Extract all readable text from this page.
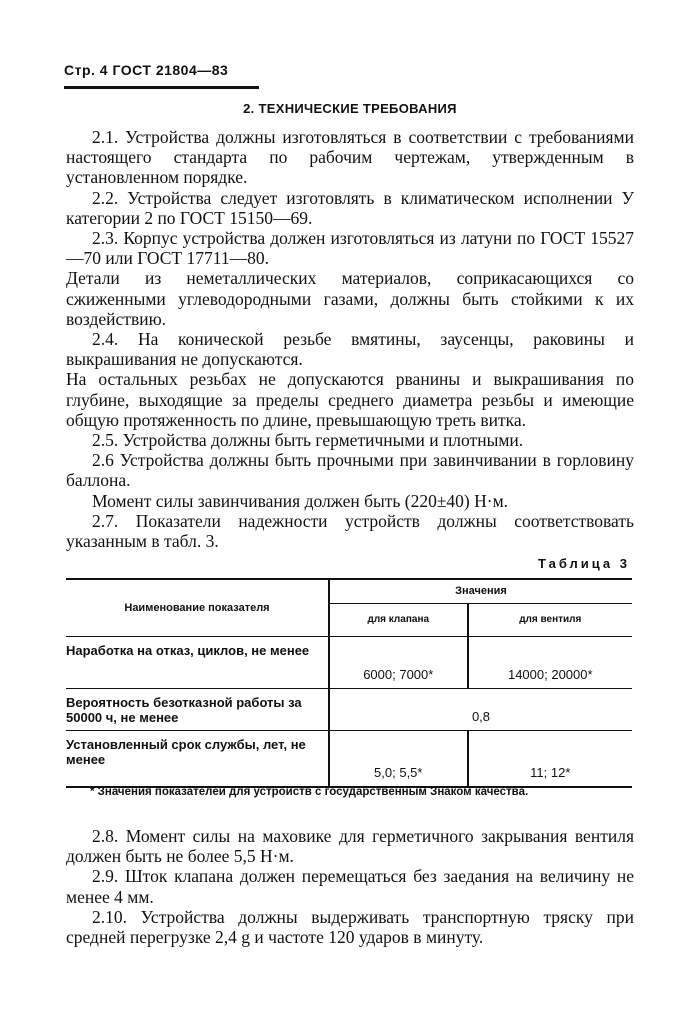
Стр. 4 ГОСТ 21804—83
2. ТЕХНИЧЕСКИЕ ТРЕБОВАНИЯ

2.1. Устройства должны изготовляться в соответствии с требованиями настоящего стандарта по рабочим чертежам, утвержденным в установленном порядке.

2.2. Устройства следует изготовлять в климатическом исполнении У категории 2 по ГОСТ 15150—69.

2.3. Корпус устройства должен изготовляться из латуни по ГОСТ 15527—70 или ГОСТ 17711—80.

Детали из неметаллических материалов, соприкасающихся со сжиженными углеводородными газами, должны быть стойкими к их воздействию.

2.4. На конической резьбе вмятины, заусенцы, раковины и выкрашивания не допускаются.

На остальных резьбах не допускаются рванины и выкрашивания по глубине, выходящие за пределы среднего диаметра резьбы и имеющие общую протяженность по длине, превышающую треть витка.

2.5. Устройства должны быть герметичными и плотными.

2.6 Устройства должны быть прочными при завинчивании в горловину баллона.

Момент силы завинчивания должен быть (220±40) Н·м.

2.7. Показатели надежности устройств должны соответствовать указанным в табл. 3.

Таблица 3
Наименование показателя	Значения	
	для клапана	для вентиля
Наработка на отказ, циклов, не менее	6000; 7000*	14000; 20000*
Вероятность безотказной работы за 50000 ч, не менее	0,8	
Установленный срок службы, лет, не менее	5,0; 5,5*	11; 12*
* Значения показателей для устройств с государственным Знаком качества.

2.8. Момент силы на маховике для герметичного закрывания вентиля должен быть не более 5,5 Н·м.

2.9. Шток клапана должен перемещаться без заедания на величину не менее 4 мм.

2.10. Устройства должны выдерживать транспортную тряску при средней перегрузке 2,4 g и частоте 120 ударов в минуту.
